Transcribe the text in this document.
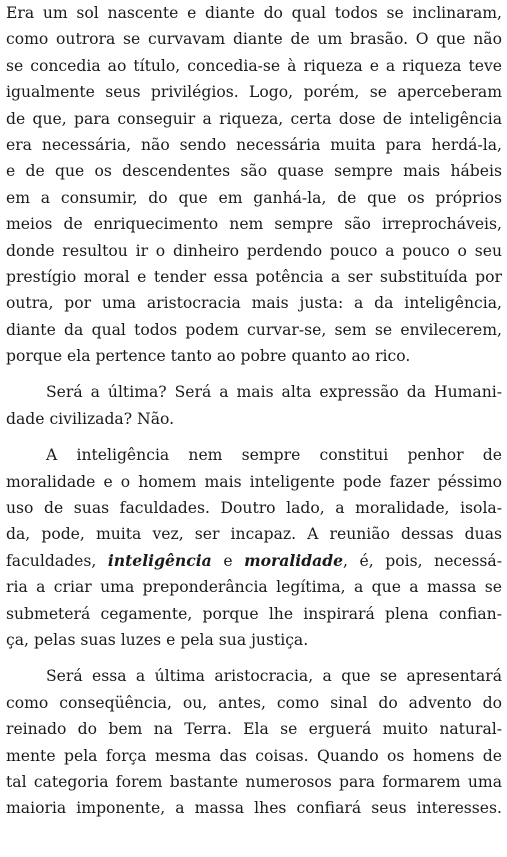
Era um sol nascente e diante do qual todos se inclinaram,
como outrora se curvavam diante de um brasão. O que não
se concedia ao título, concedia-se à riqueza e a riqueza teve
igualmente seus privilégios. Logo, porém, se aperceberam
de que, para conseguir a riqueza, certa dose de inteligência
era necessária, não sendo necessária muita para herdá-la,
e de que os descendentes são quase sempre mais hábeis
em a consumir, do que em ganhá-la, de que os próprios
meios de enriquecimento nem sempre são irreprocháveis,
donde resultou ir o dinheiro perdendo pouco a pouco o seu
prestígio moral e tender essa potência a ser substituída por
outra, por uma aristocracia mais justa: a da inteligência,
diante da qual todos podem curvar-se, sem se envilecerem,
porque ela pertence tanto ao pobre quanto ao rico.
Será a última? Será a mais alta expressão da Humani-
dade civilizada? Não.
A inteligência nem sempre constitui penhor de
moralidade e o homem mais inteligente pode fazer péssimo
uso de suas faculdades. Doutro lado, a moralidade, isola-
da, pode, muita vez, ser incapaz. A reunião dessas duas
faculdades, inteligência e moralidade, é, pois, necessá-
ria a criar uma preponderância legítima, a que a massa se
submeterá cegamente, porque lhe inspirará plena confian-
ça, pelas suas luzes e pela sua justiça.
Será essa a última aristocracia, a que se apresentará
como conseqüência, ou, antes, como sinal do advento do
reinado do bem na Terra. Ela se erguerá muito natural-
mente pela força mesma das coisas. Quando os homens de
tal categoria forem bastante numerosos para formarem uma
maioria imponente, a massa lhes confiará seus interesses.
